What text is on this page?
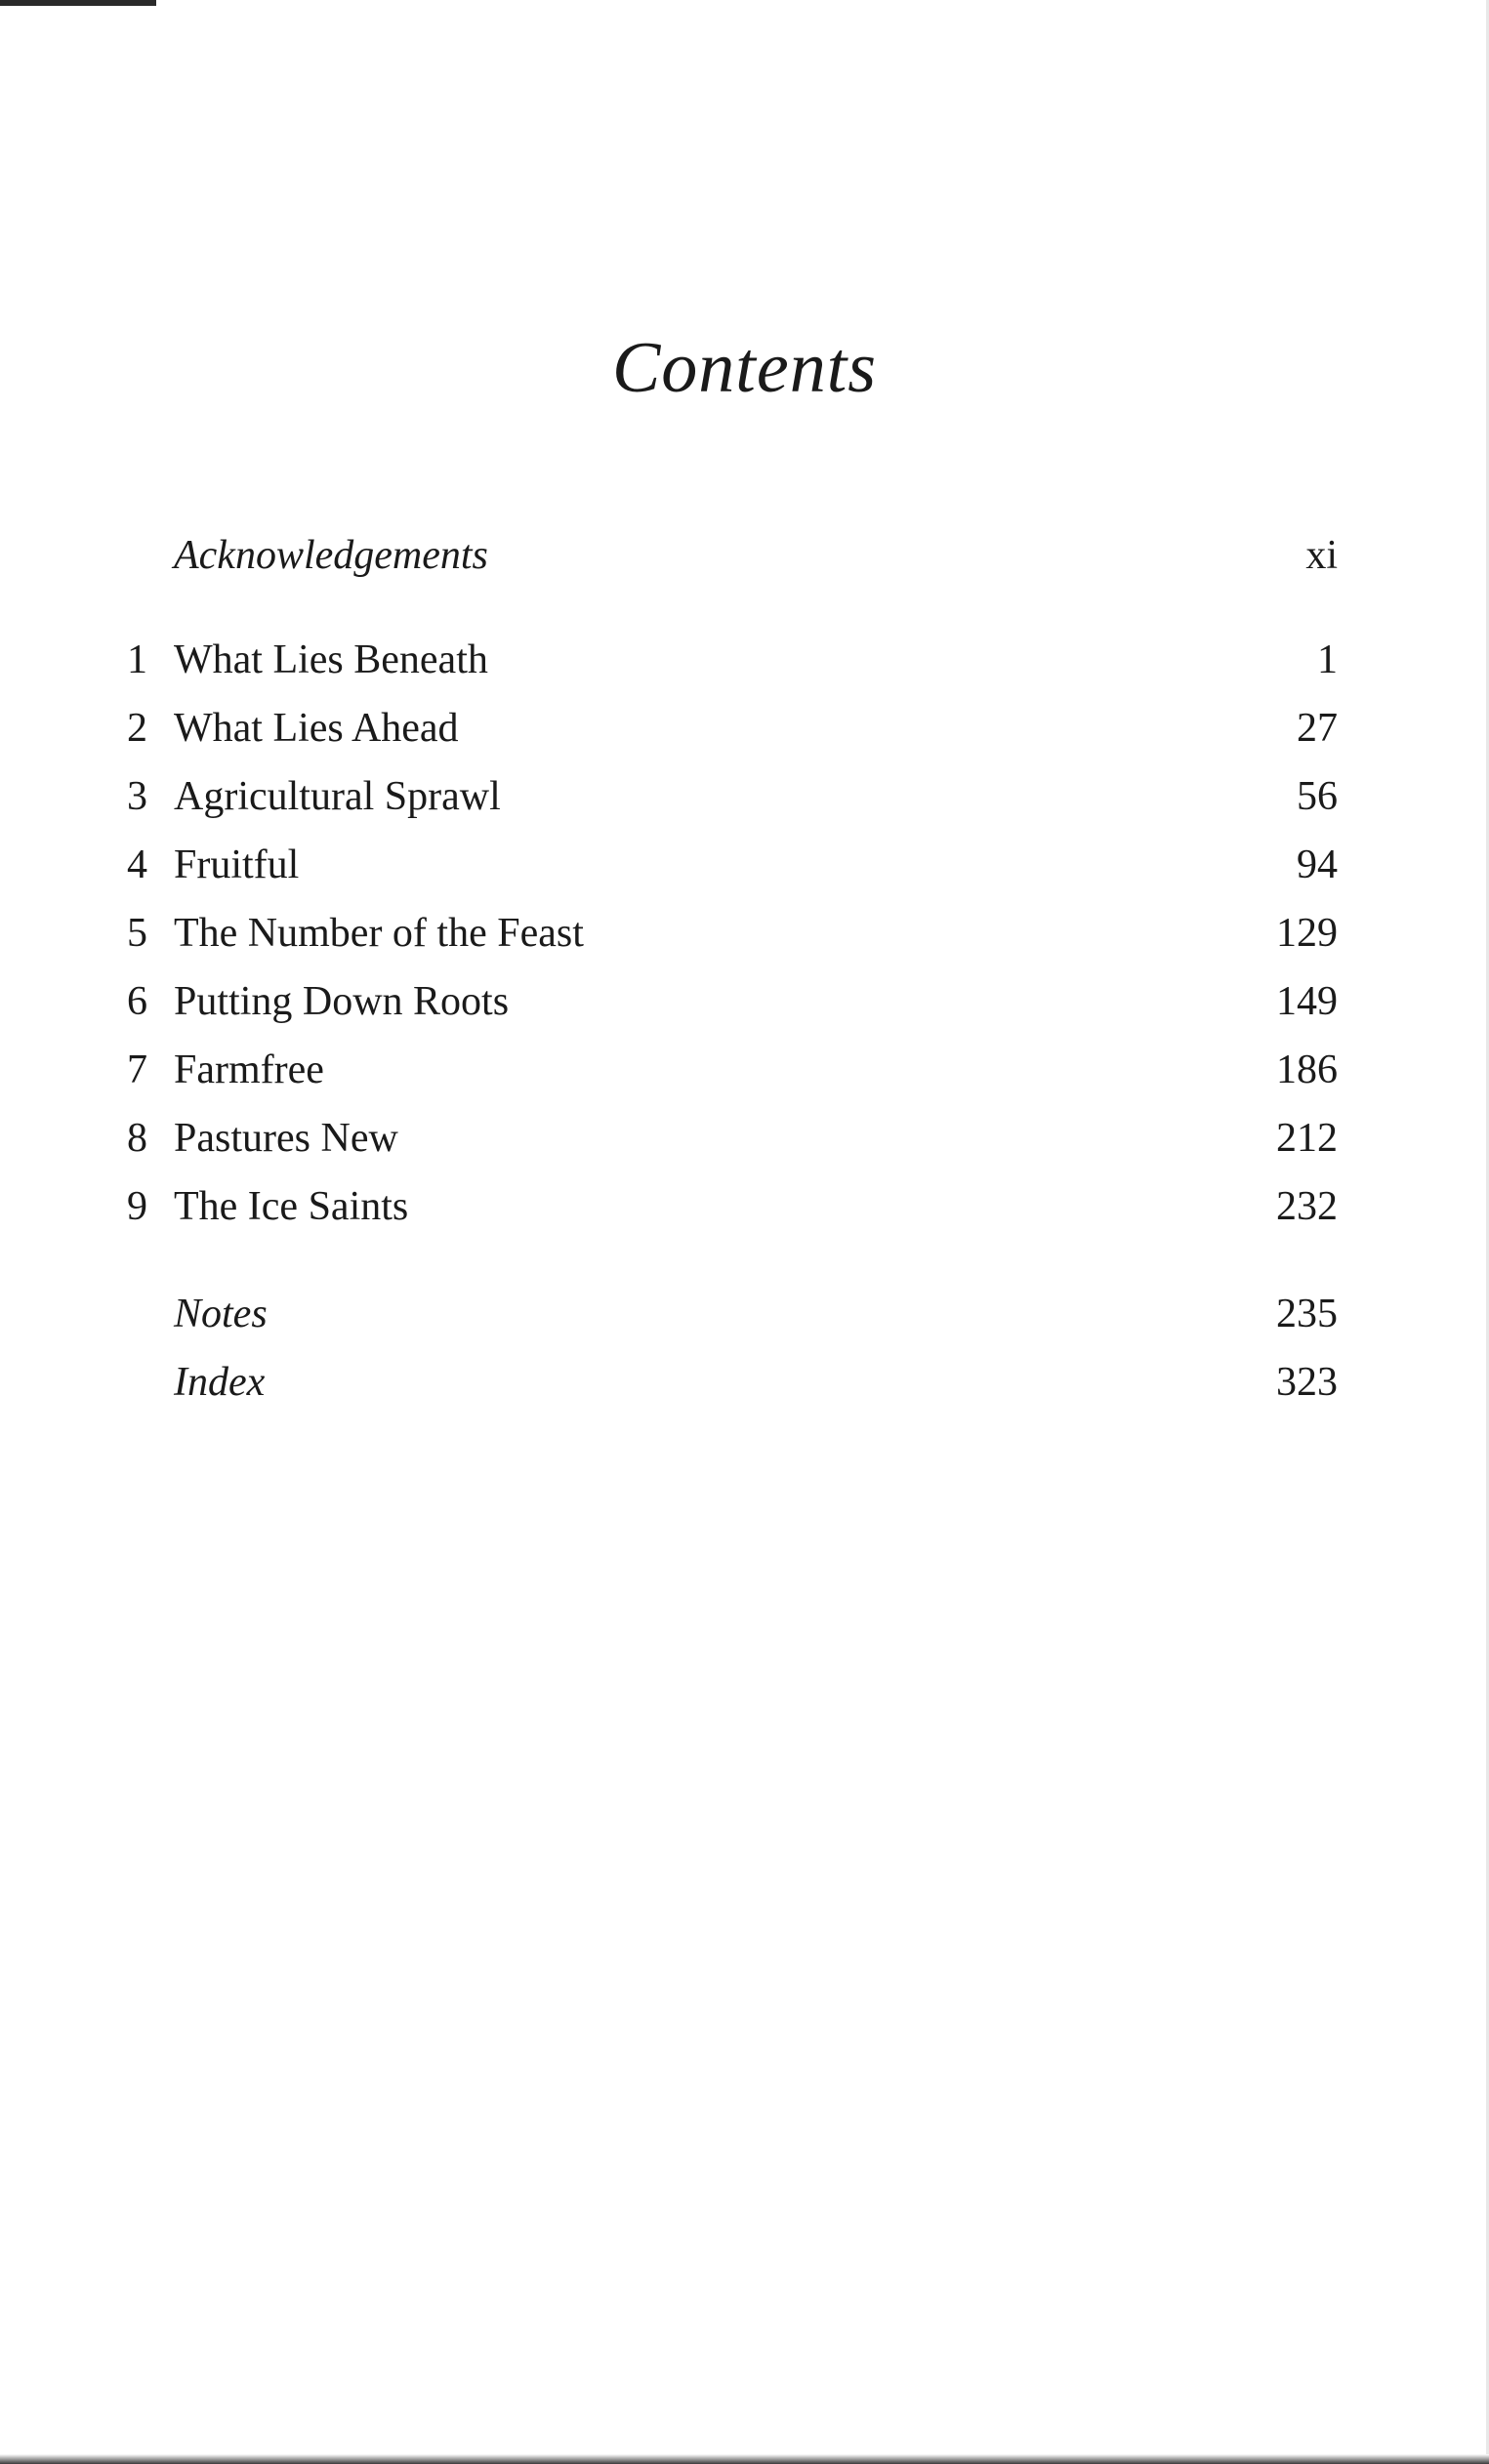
Contents
Acknowledgements	xi
1 What Lies Beneath	1
2 What Lies Ahead	27
3 Agricultural Sprawl	56
4 Fruitful	94
5 The Number of the Feast	129
6 Putting Down Roots	149
7 Farmfree	186
8 Pastures New	212
9 The Ice Saints	232
Notes	235
Index	323
